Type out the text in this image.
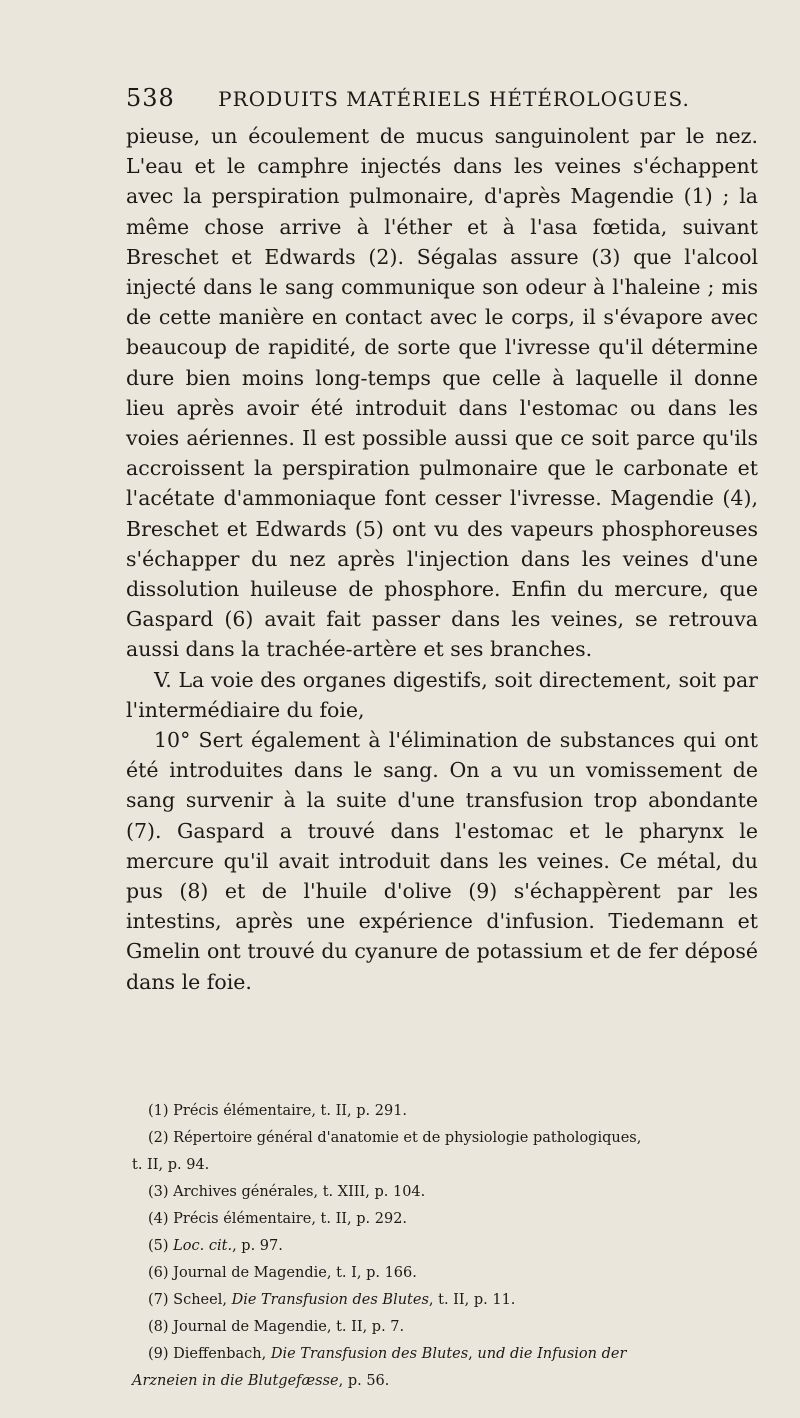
538 PRODUITS MATÉRIELS HÉTÉROLOGUES.

pieuse, un écoulement de mucus sanguinolent par le nez. L'eau et le camphre injectés dans les veines s'échappent avec la perspiration pulmonaire, d'après Magendie (1) ; la même chose arrive à l'éther et à l'asa fœtida, suivant Breschet et Edwards (2). Ségalas assure (3) que l'alcool injecté dans le sang communique son odeur à l'haleine ; mis de cette manière en contact avec le corps, il s'évapore avec beaucoup de rapidité, de sorte que l'ivresse qu'il détermine dure bien moins long-temps que celle à laquelle il donne lieu après avoir été introduit dans l'estomac ou dans les voies aériennes. Il est possible aussi que ce soit parce qu'ils accroissent la perspiration pulmonaire que le carbonate et l'acétate d'ammoniaque font cesser l'ivresse. Magendie (4), Breschet et Edwards (5) ont vu des vapeurs phosphoreuses s'échapper du nez après l'injection dans les veines d'une dissolution huileuse de phosphore. Enfin du mercure, que Gaspard (6) avait fait passer dans les veines, se retrouva aussi dans la trachée-artère et ses branches.

V. La voie des organes digestifs, soit directement, soit par l'intermédiaire du foie,

10° Sert également à l'élimination de substances qui ont été introduites dans le sang. On a vu un vomissement de sang survenir à la suite d'une transfusion trop abondante (7). Gaspard a trouvé dans l'estomac et le pharynx le mercure qu'il avait introduit dans les veines. Ce métal, du pus (8) et de l'huile d'olive (9) s'échappèrent par les intestins, après une expérience d'infusion. Tiedemann et Gmelin ont trouvé du cyanure de potassium et de fer déposé dans le foie.

(1) Précis élémentaire, t. II, p. 291.
(2) Répertoire général d'anatomie et de physiologie pathologiques,
t. II, p. 94.
(3) Archives générales, t. XIII, p. 104.
(4) Précis élémentaire, t. II, p. 292.
(5) Loc. cit., p. 97.
(6) Journal de Magendie, t. I, p. 166.
(7) Scheel, Die Transfusion des Blutes, t. II, p. 11.
(8) Journal de Magendie, t. II, p. 7.
(9) Dieffenbach, Die Transfusion des Blutes, und die Infusion der
Arzneien in die Blutgefæsse, p. 56.
